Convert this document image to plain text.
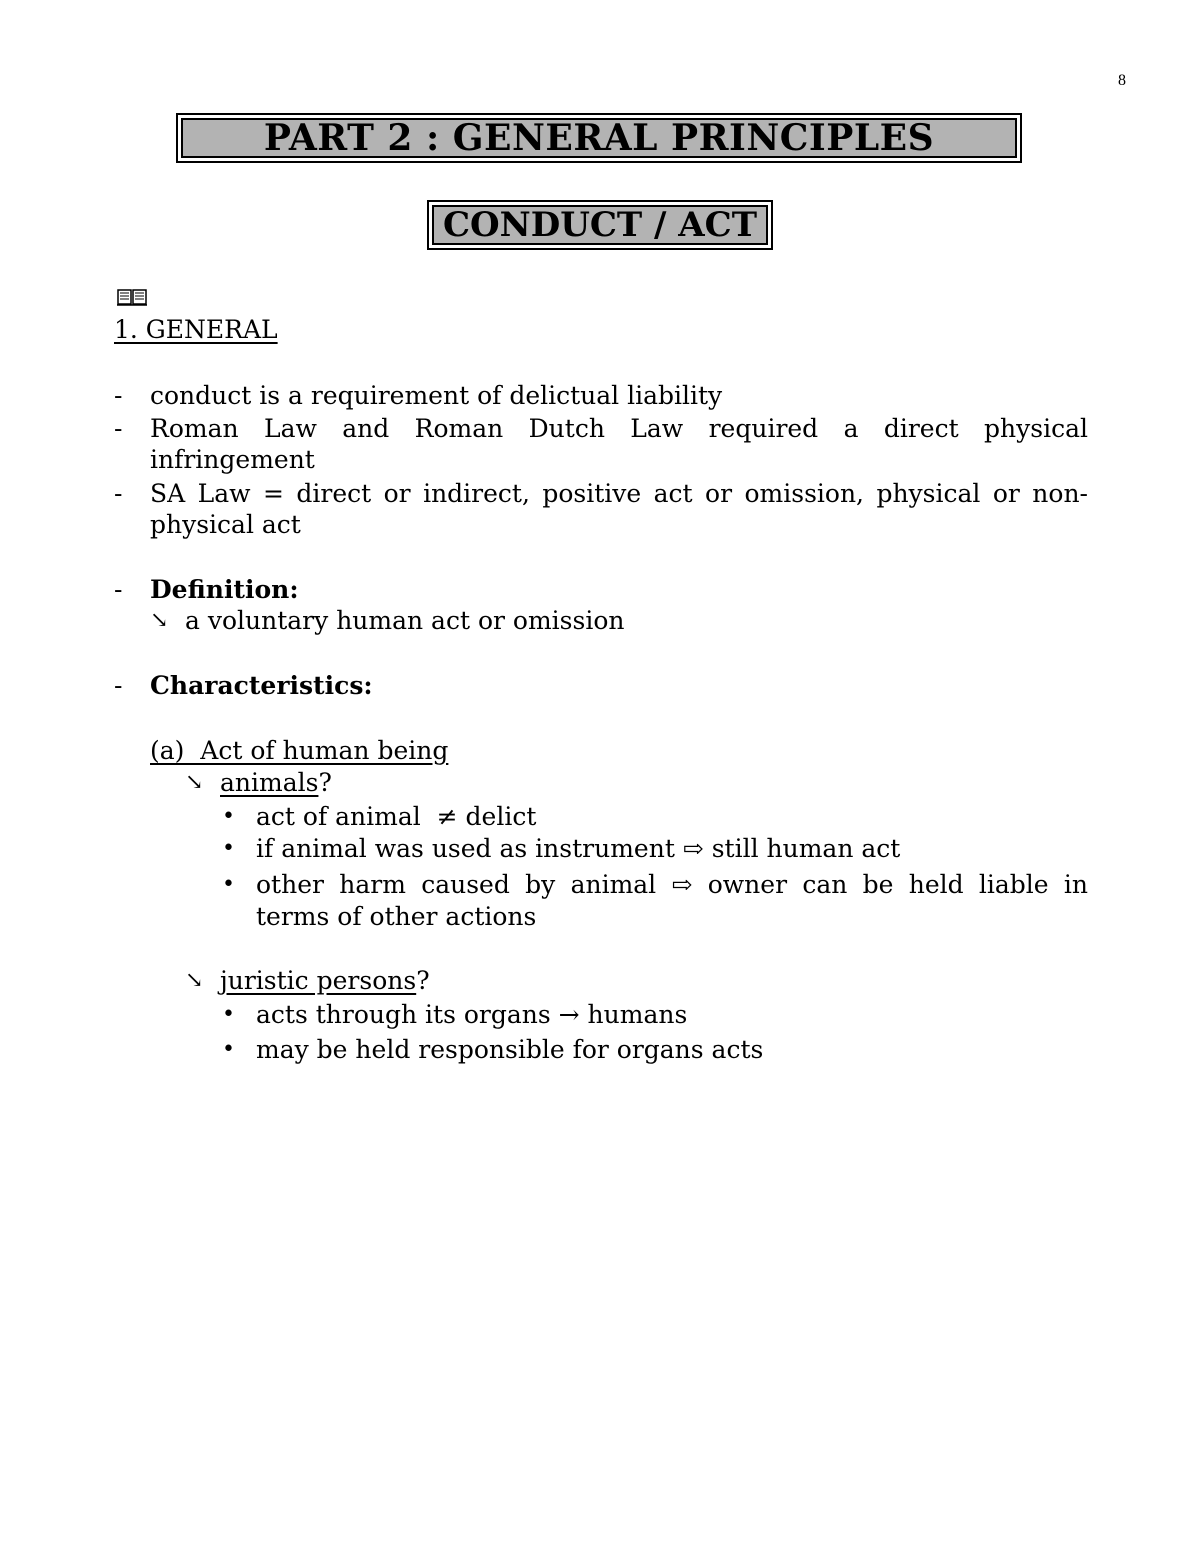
8
PART 2 : GENERAL PRINCIPLES
CONDUCT / ACT
1. GENERAL
- conduct is a requirement of delictual liability
- Roman Law and Roman Dutch Law required a direct physical
infringement
- SA Law = direct or indirect, positive act or omission, physical or non-
physical act
- Definition:
↘ a voluntary human act or omission
- Characteristics:
(a)  Act of human being
↘ animals?
• act of animal  ≠ delict
• if animal was used as instrument ⇨ still human act
• other harm caused by animal ⇨ owner can be held liable in
terms of other actions
↘ juristic persons?
• acts through its organs → humans
• may be held responsible for organs acts
